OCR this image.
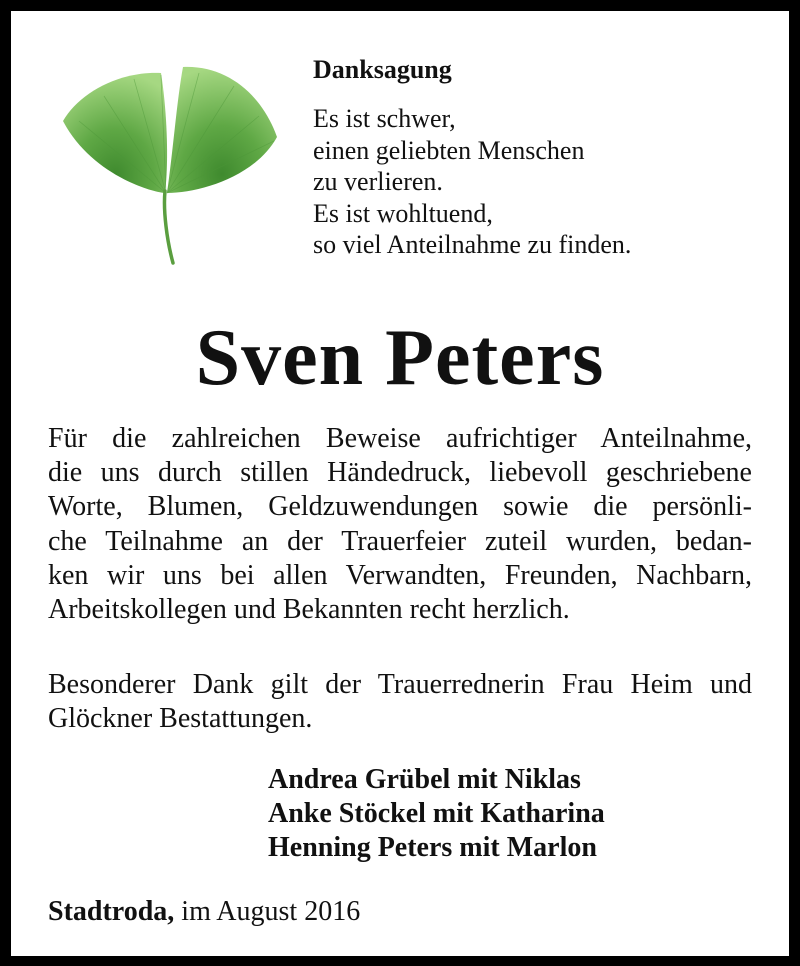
Danksagung
Es ist schwer,
einen geliebten Menschen
zu verlieren.
Es ist wohltuend,
so viel Anteilnahme zu finden.
Sven Peters
Für die zahlreichen Beweise aufrichtiger Anteilnahme,
die uns durch stillen Händedruck, liebevoll geschriebene
Worte, Blumen, Geldzuwendungen sowie die persönli-
che Teilnahme an der Trauerfeier zuteil wurden, bedan-
ken wir uns bei allen Verwandten, Freunden, Nachbarn,
Arbeitskollegen und Bekannten recht herzlich.
Besonderer Dank gilt der Trauerrednerin Frau Heim und
Glöckner Bestattungen.
Andrea Grübel mit Niklas
Anke Stöckel mit Katharina
Henning Peters mit Marlon
Stadtroda, im August 2016
